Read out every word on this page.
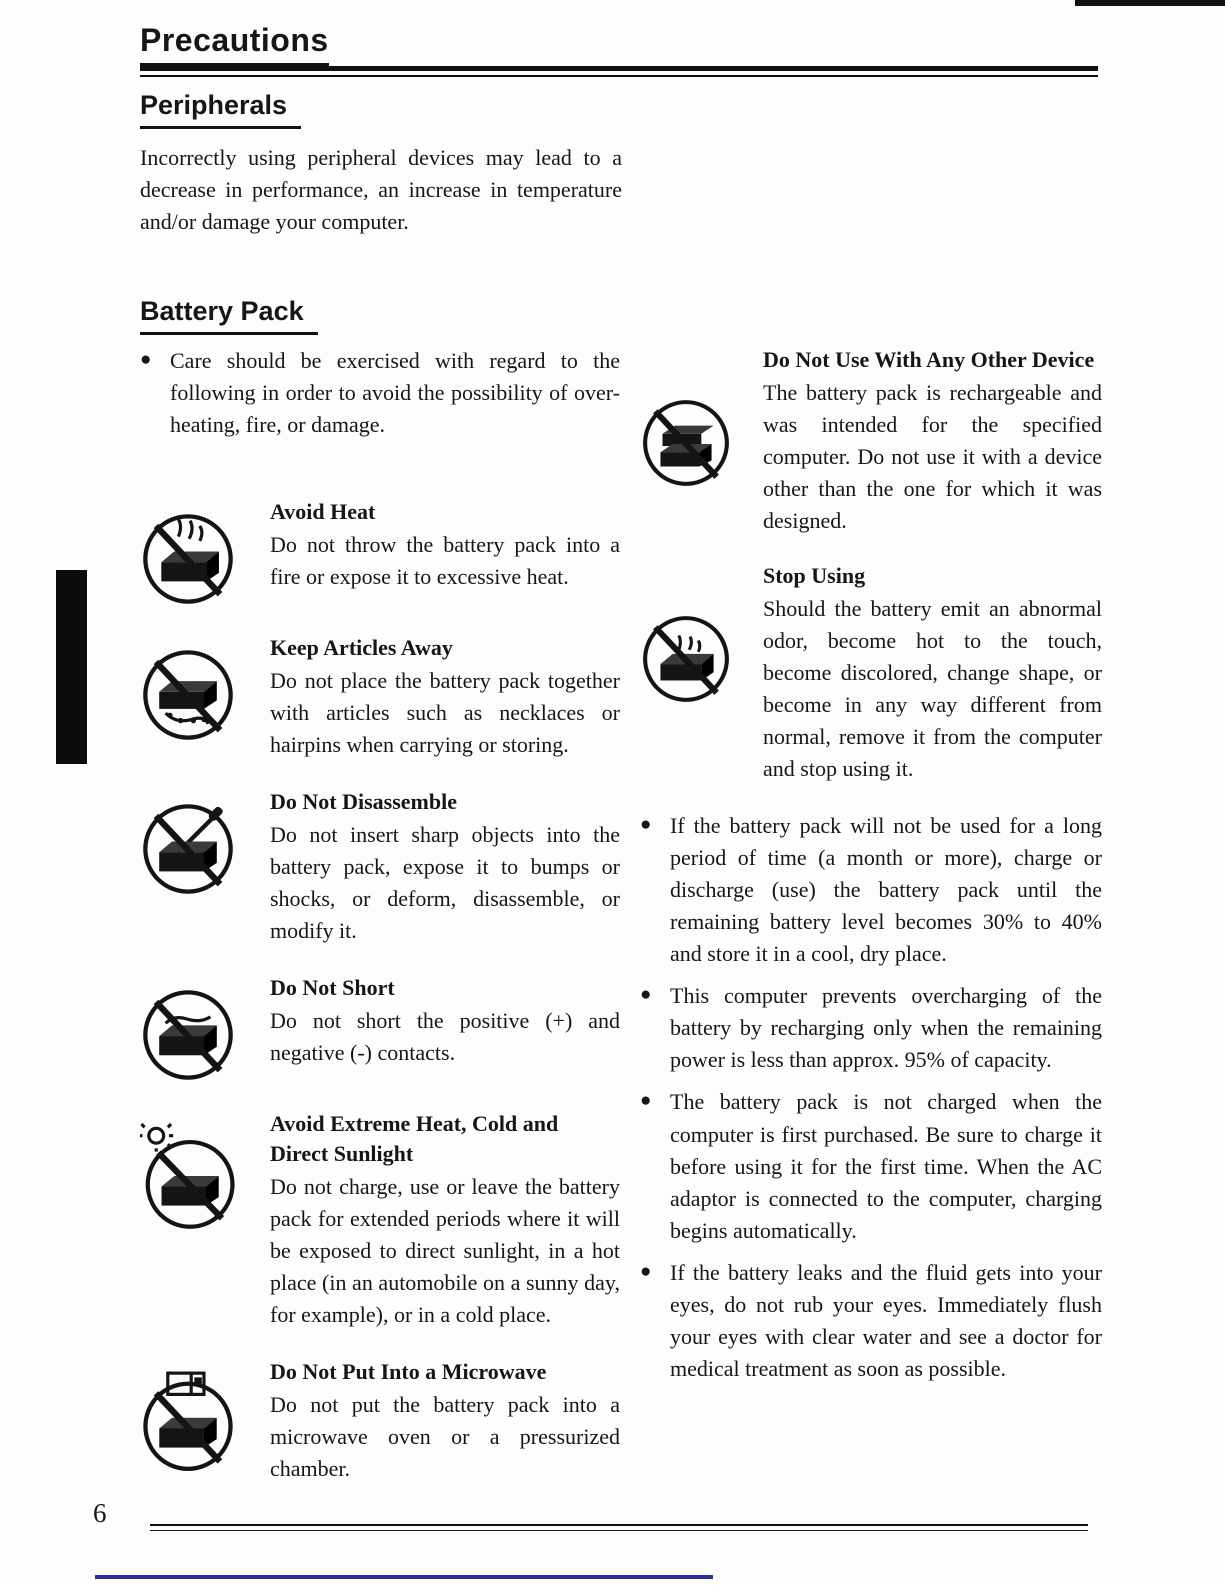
Precautions
Peripherals

Incorrectly using peripheral devices may lead to a decrease in performance, an increase in temperature and/or damage your computer.

Battery Pack

● Care should be exercised with regard to the following in order to avoid the possibility of over-heating, fire, or damage.

Avoid Heat

Do not throw the battery pack into a fire or expose it to excessive heat.

Keep Articles Away

Do not place the battery pack together with articles such as necklaces or hairpins when carrying or storing.

Do Not Disassemble

Do not insert sharp objects into the battery pack, expose it to bumps or shocks, or deform, disassemble, or modify it.

Do Not Short

Do not short the positive (+) and negative (-) contacts.

Avoid Extreme Heat, Cold and Direct Sunlight

Do not charge, use or leave the battery pack for extended periods where it will be exposed to direct sunlight, in a hot place (in an automobile on a sunny day, for example), or in a cold place.

Do Not Put Into a Microwave

Do not put the battery pack into a microwave oven or a pressurized chamber.

Do Not Use With Any Other Device

The battery pack is rechargeable and was intended for the specified computer. Do not use it with a device other than the one for which it was designed.

Stop Using

Should the battery emit an abnormal odor, become hot to the touch, become discolored, change shape, or become in any way different from normal, remove it from the computer and stop using it.

● If the battery pack will not be used for a long period of time (a month or more), charge or discharge (use) the battery pack until the remaining battery level becomes 30% to 40% and store it in a cool, dry place.

● This computer prevents overcharging of the battery by recharging only when the remaining power is less than approx. 95% of capacity.

● The battery pack is not charged when the computer is first purchased. Be sure to charge it before using it for the first time. When the AC adaptor is connected to the computer, charging begins automatically.

● If the battery leaks and the fluid gets into your eyes, do not rub your eyes. Immediately flush your eyes with clear water and see a doctor for medical treatment as soon as possible.

6
